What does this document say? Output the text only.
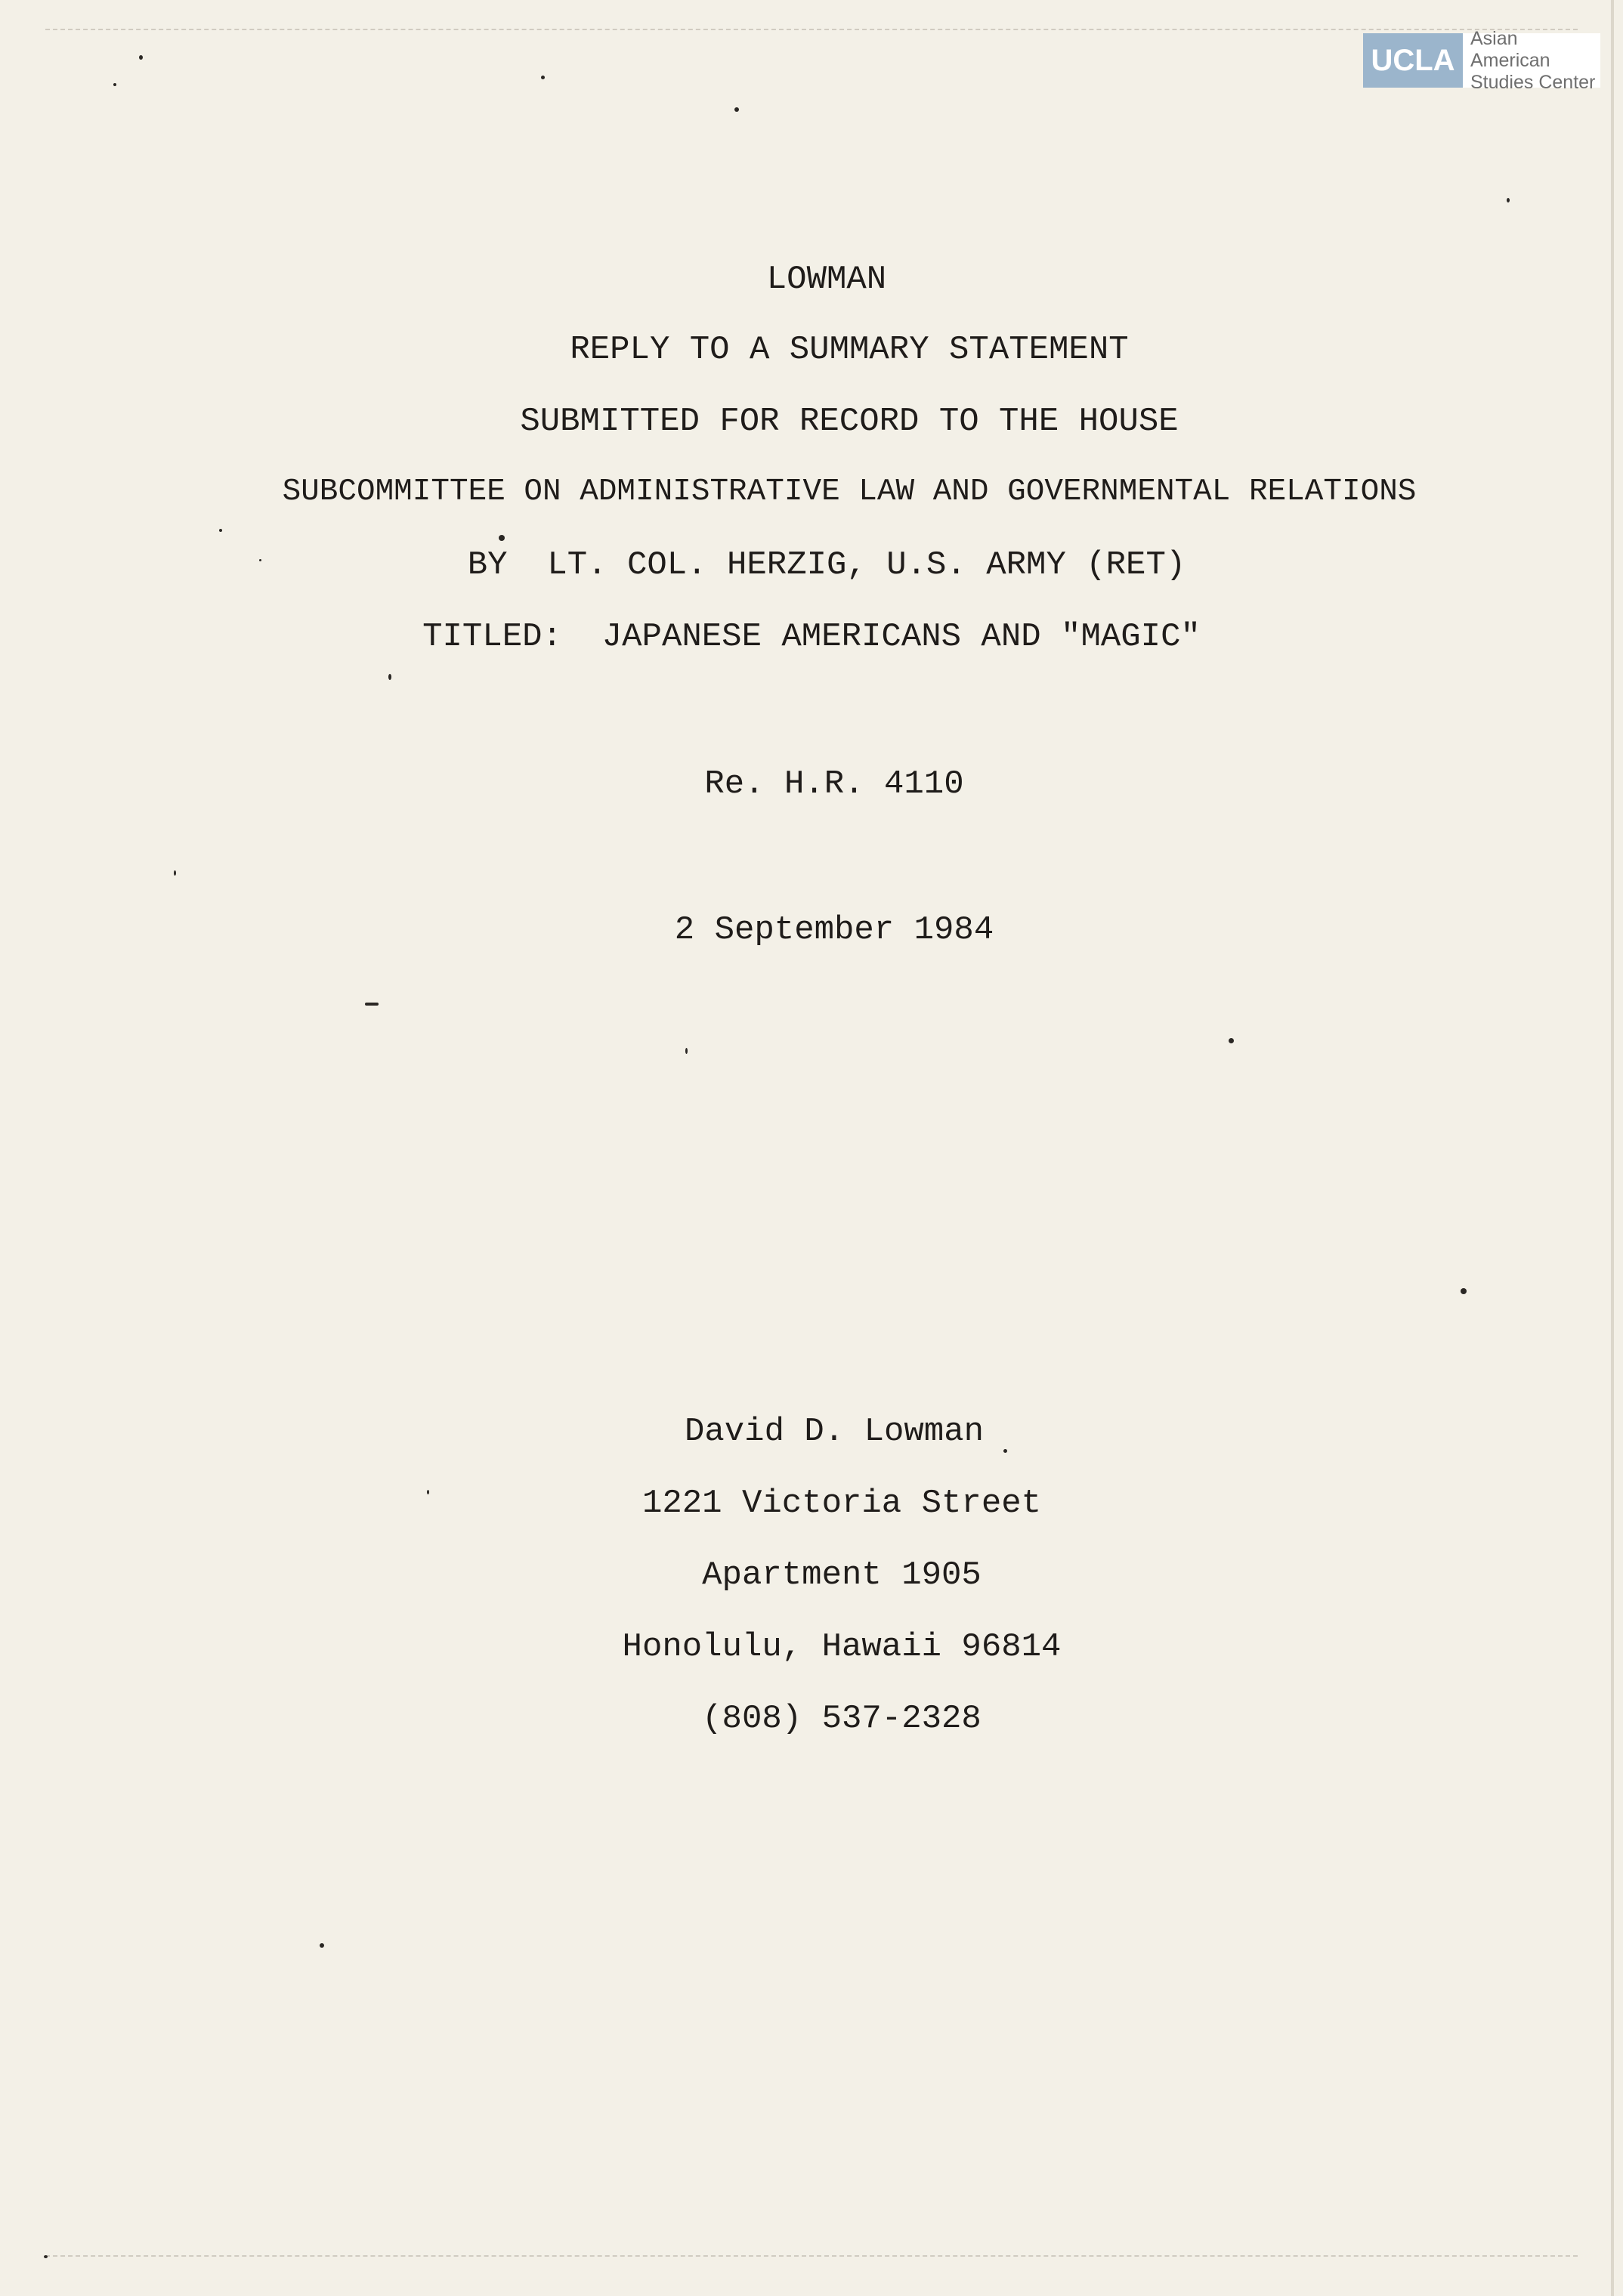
UCLA
Asian American
Studies Center
LOWMAN
REPLY TO A SUMMARY STATEMENT
SUBMITTED FOR RECORD TO THE HOUSE
SUBCOMMITTEE ON ADMINISTRATIVE LAW AND GOVERNMENTAL RELATIONS
BY  LT. COL. HERZIG, U.S. ARMY (RET)
TITLED:  JAPANESE AMERICANS AND "MAGIC"
Re. H.R. 4110
2 September 1984
David D. Lowman
1221 Victoria Street
Apartment 1905
Honolulu, Hawaii 96814
(808) 537-2328
